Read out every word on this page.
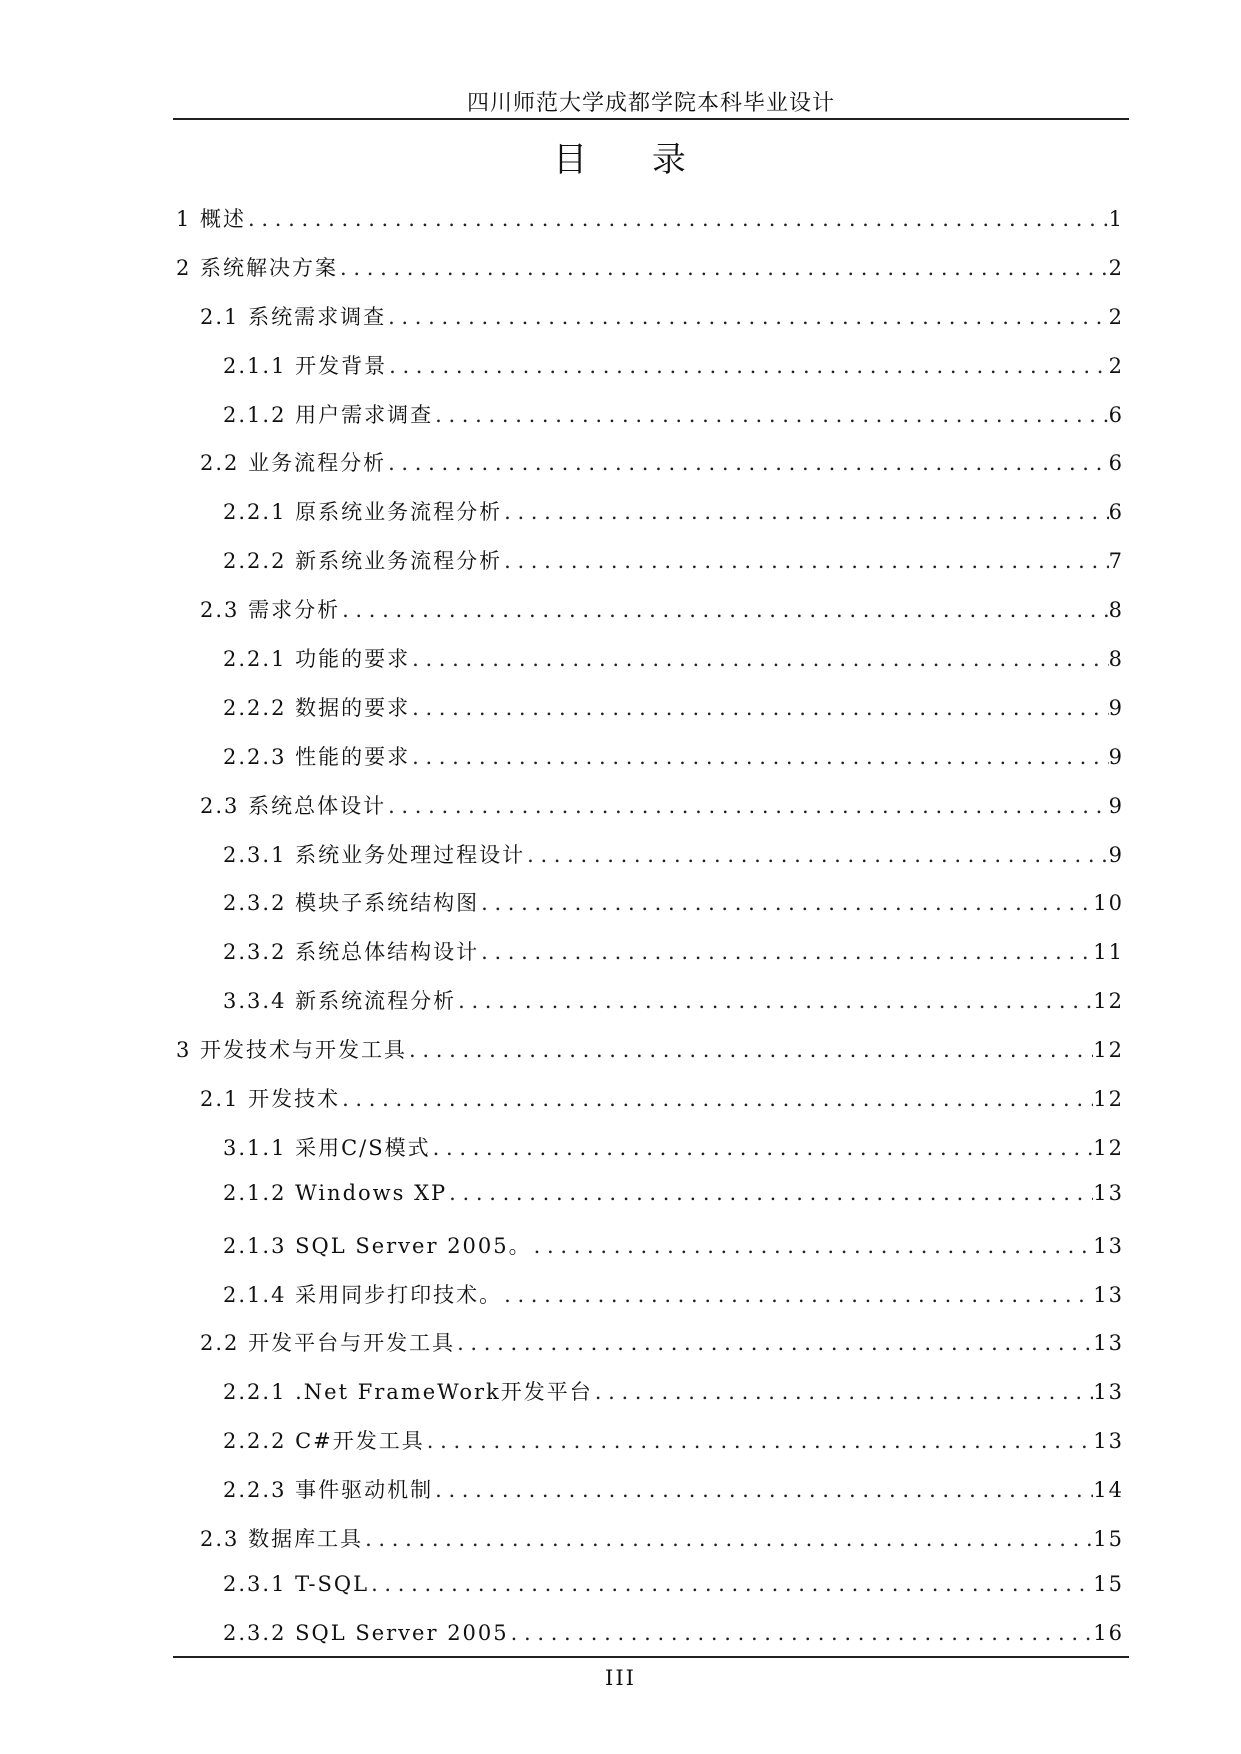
四川师范大学成都学院本科毕业设计
目 录
1 概述 . . .	1
2 系统解决方案 . . .	2
2.1 系统需求调查 . . .	2
2.1.1 开发背景 . . .	2
2.1.2 用户需求调查 . . .	6
2.2 业务流程分析 . . .	6
2.2.1 原系统业务流程分析 . . .	6
2.2.2 新系统业务流程分析 . . .	7
2.3 需求分析 . . .	8
2.2.1 功能的要求 . . .	8
2.2.2 数据的要求 . . .	9
2.2.3 性能的要求 . . .	9
2.3 系统总体设计 . . .	9
2.3.1 系统业务处理过程设计 . . .	9
2.3.2 模块子系统结构图 . . .	10
2.3.2 系统总体结构设计 . . .	11
3.3.4 新系统流程分析 . . .	12
3 开发技术与开发工具 . . .	12
2.1 开发技术 . . .	12
3.1.1 采用C/S模式 . . .	12
2.1.2 Windows XP . . .	13
2.1.3 SQL Server 2005。 . . .	13
2.1.4 采用同步打印技术。 . . .	13
2.2 开发平台与开发工具 . . .	13
2.2.1 .Net FrameWork开发平台 . . .	13
2.2.2 C#开发工具 . . .	13
2.2.3 事件驱动机制 . . .	14
2.3 数据库工具 . . .	15
2.3.1 T-SQL . . .	15
2.3.2 SQL Server 2005 . . .	16
III
